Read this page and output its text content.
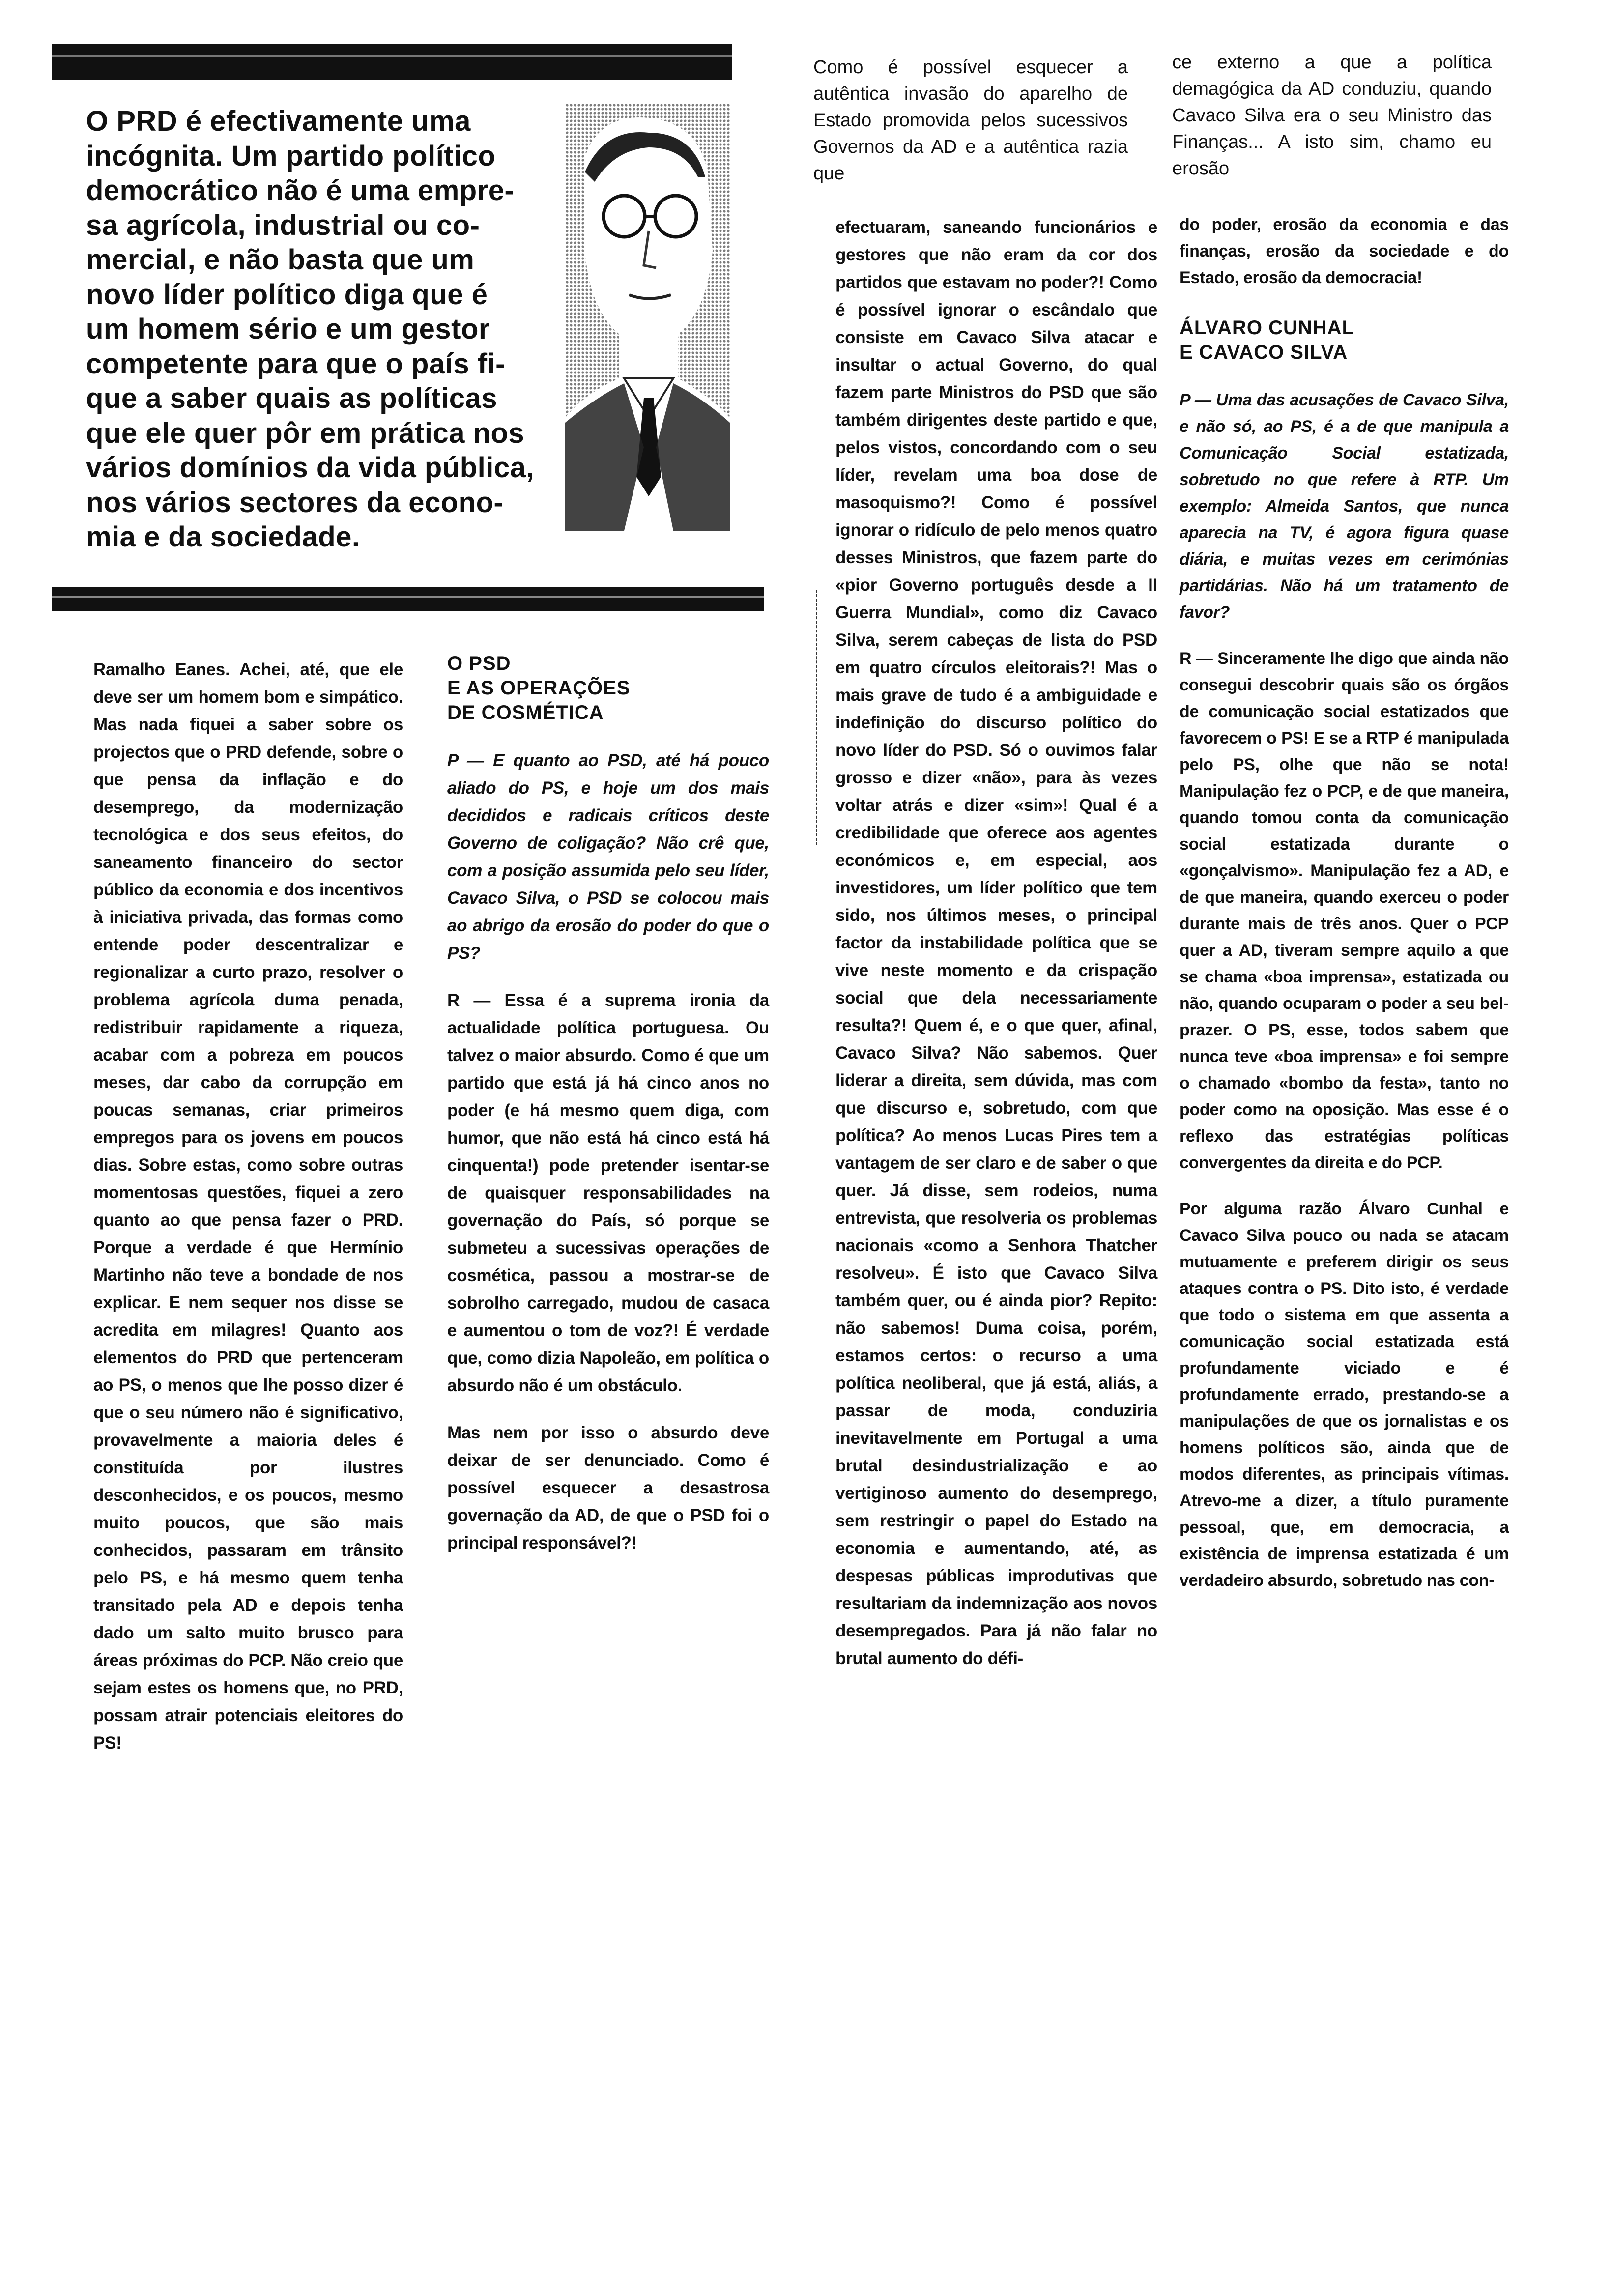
O PRD é efectivamente uma
incógnita. Um partido político
democrático não é uma empre-
sa agrícola, industrial ou co-
mercial, e não basta que um
novo líder político diga que é
um homem sério e um gestor
competente para que o país fi-
que a saber quais as políticas
que ele quer pôr em prática nos
vários domínios da vida pública,
nos vários sectores da econo-
mia e da sociedade.

Ramalho Eanes. Achei, até, que ele deve ser um homem bom e simpático. Mas nada fiquei a saber sobre os projectos que o PRD defende, sobre o que pensa da inflação e do desemprego, da modernização tecnológica e dos seus efeitos, do saneamento financeiro do sector público da economia e dos incentivos à iniciativa privada, das formas como entende poder descentralizar e regionalizar a curto prazo, resolver o problema agrícola duma penada, redistribuir rapidamente a riqueza, acabar com a pobreza em poucos meses, dar cabo da corrupção em poucas semanas, criar primeiros empregos para os jovens em poucos dias. Sobre estas, como sobre outras momentosas questões, fiquei a zero quanto ao que pensa fazer o PRD. Porque a verdade é que Hermínio Martinho não teve a bondade de nos explicar. E nem sequer nos disse se acredita em milagres! Quanto aos elementos do PRD que pertenceram ao PS, o menos que lhe posso dizer é que o seu número não é significativo, provavelmente a maioria deles é constituída por ilustres desconhecidos, e os poucos, mesmo muito poucos, que são mais conhecidos, passaram em trânsito pelo PS, e há mesmo quem tenha transitado pela AD e depois tenha dado um salto muito brusco para áreas próximas do PCP. Não creio que sejam estes os homens que, no PRD, possam atrair potenciais eleitores do PS!

O PSD
E AS OPERAÇÕES
DE COSMÉTICA

P — E quanto ao PSD, até há pouco aliado do PS, e hoje um dos mais decididos e radicais críticos deste Governo de coligação? Não crê que, com a posição assumida pelo seu líder, Cavaco Silva, o PSD se colocou mais ao abrigo da erosão do poder do que o PS?

R — Essa é a suprema ironia da actualidade política portuguesa. Ou talvez o maior absurdo. Como é que um partido que está já há cinco anos no poder (e há mesmo quem diga, com humor, que não está há cinco está há cinquenta!) pode pretender isentar-se de quaisquer responsabilidades na governação do País, só porque se submeteu a sucessivas operações de cosmética, passou a mostrar-se de sobrolho carregado, mudou de casaca e aumentou o tom de voz?! É verdade que, como dizia Napoleão, em política o absurdo não é um obstáculo.

Mas nem por isso o absurdo deve deixar de ser denunciado. Como é possível esquecer a desastrosa governação da AD, de que o PSD foi o principal responsável?!

Como é possível esquecer a autêntica invasão do aparelho de Estado promovida pelos sucessivos Governos da AD e a autêntica razia que

efectuaram, saneando funcionários e gestores que não eram da cor dos partidos que estavam no poder?! Como é possível ignorar o escândalo que consiste em Cavaco Silva atacar e insultar o actual Governo, do qual fazem parte Ministros do PSD que são também dirigentes deste partido e que, pelos vistos, concordando com o seu líder, revelam uma boa dose de masoquismo?! Como é possível ignorar o ridículo de pelo menos quatro desses Ministros, que fazem parte do «pior Governo português desde a II Guerra Mundial», como diz Cavaco Silva, serem cabeças de lista do PSD em quatro círculos eleitorais?! Mas o mais grave de tudo é a ambiguidade e indefinição do discurso político do novo líder do PSD. Só o ouvimos falar grosso e dizer «não», para às vezes voltar atrás e dizer «sim»! Qual é a credibilidade que oferece aos agentes económicos e, em especial, aos investidores, um líder político que tem sido, nos últimos meses, o principal factor da instabilidade política que se vive neste momento e da crispação social que dela necessariamente resulta?! Quem é, e o que quer, afinal, Cavaco Silva? Não sabemos. Quer liderar a direita, sem dúvida, mas com que discurso e, sobretudo, com que política? Ao menos Lucas Pires tem a vantagem de ser claro e de saber o que quer. Já disse, sem rodeios, numa entrevista, que resolveria os problemas nacionais «como a Senhora Thatcher resolveu». É isto que Cavaco Silva também quer, ou é ainda pior? Repito: não sabemos! Duma coisa, porém, estamos certos: o recurso a uma política neoliberal, que já está, aliás, a passar de moda, conduziria inevitavelmente em Portugal a uma brutal desindustrialização e ao vertiginoso aumento do desemprego, sem restringir o papel do Estado na economia e aumentando, até, as despesas públicas improdutivas que resultariam da indemnização aos novos desempregados. Para já não falar no brutal aumento do défi-

ce externo a que a política demagógica da AD conduziu, quando Cavaco Silva era o seu Ministro das Finanças... A isto sim, chamo eu erosão

do poder, erosão da economia e das finanças, erosão da sociedade e do Estado, erosão da democracia!

ÁLVARO CUNHAL
E CAVACO SILVA

P — Uma das acusações de Cavaco Silva, e não só, ao PS, é a de que manipula a Comunicação Social estatizada, sobretudo no que refere à RTP. Um exemplo: Almeida Santos, que nunca aparecia na TV, é agora figura quase diária, e muitas vezes em cerimónias partidárias. Não há um tratamento de favor?

R — Sinceramente lhe digo que ainda não consegui descobrir quais são os órgãos de comunicação social estatizados que favorecem o PS! E se a RTP é manipulada pelo PS, olhe que não se nota! Manipulação fez o PCP, e de que maneira, quando tomou conta da comunicação social estatizada durante o «gonçalvismo». Manipulação fez a AD, e de que maneira, quando exerceu o poder durante mais de três anos. Quer o PCP quer a AD, tiveram sempre aquilo a que se chama «boa imprensa», estatizada ou não, quando ocuparam o poder a seu bel-prazer. O PS, esse, todos sabem que nunca teve «boa imprensa» e foi sempre o chamado «bombo da festa», tanto no poder como na oposição. Mas esse é o reflexo das estratégias políticas convergentes da direita e do PCP.

Por alguma razão Álvaro Cunhal e Cavaco Silva pouco ou nada se atacam mutuamente e preferem dirigir os seus ataques contra o PS. Dito isto, é verdade que todo o sistema em que assenta a comunicação social estatizada está profundamente viciado e é profundamente errado, prestando-se a manipulações de que os jornalistas e os homens políticos são, ainda que de modos diferentes, as principais vítimas. Atrevo-me a dizer, a título puramente pessoal, que, em democracia, a existência de imprensa estatizada é um verdadeiro absurdo, sobretudo nas con-
